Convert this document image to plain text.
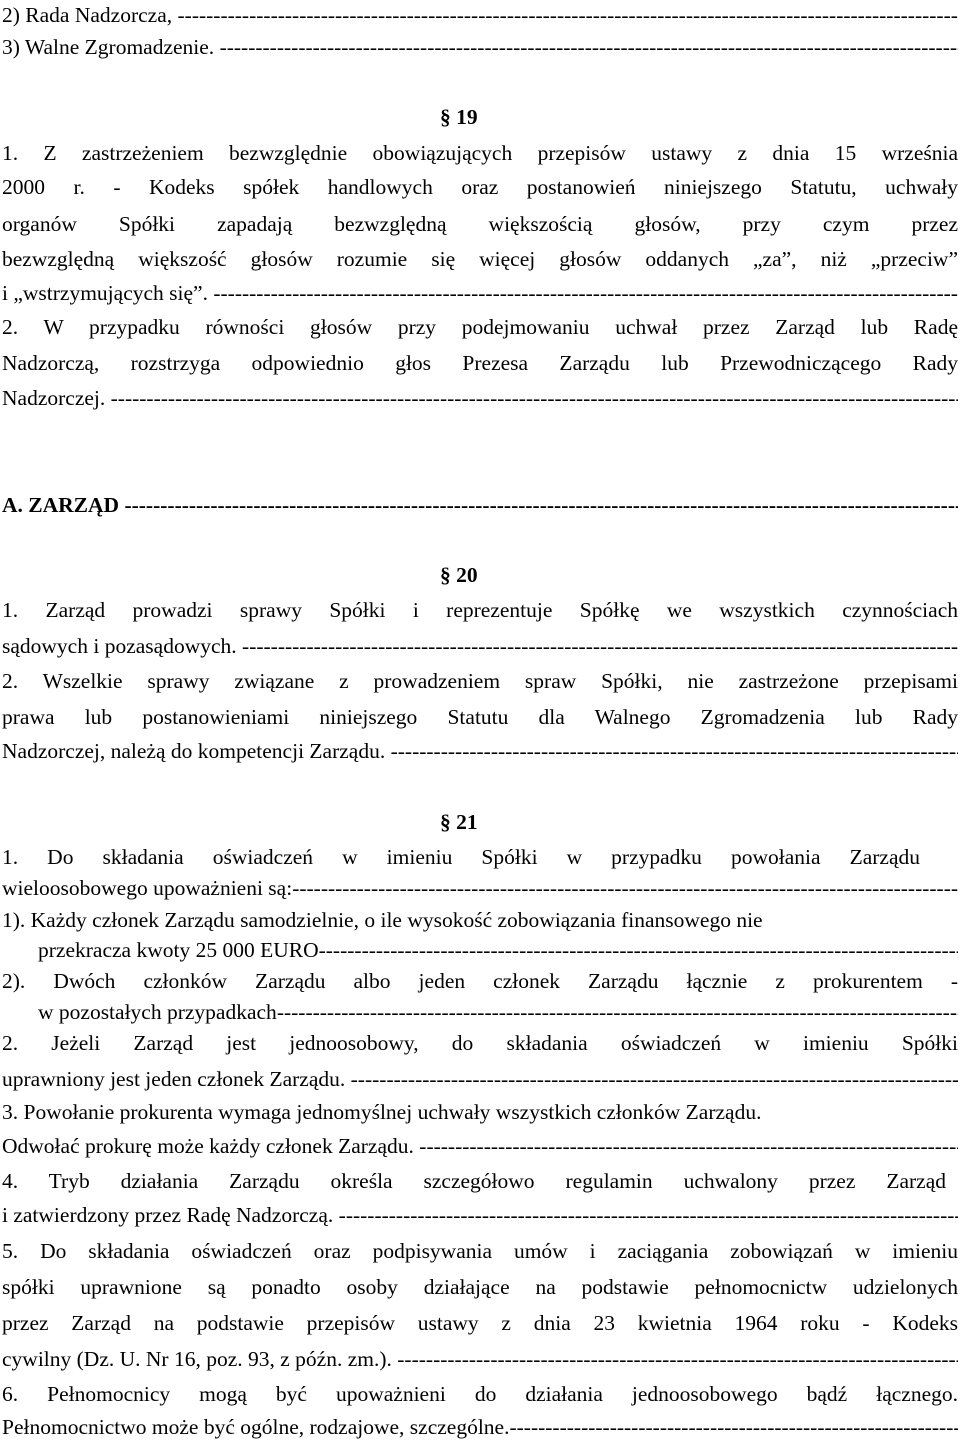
2) Rada Nadzorcza, -----
3) Walne Zgromadzenie. -----
§ 19
1. Z zastrzeżeniem bezwzględnie obowiązujących przepisów ustawy z dnia 15 września
2000 r. - Kodeks spółek handlowych oraz postanowień niniejszego Statutu, uchwały
organów Spółki zapadają bezwzględną większością głosów, przy czym przez
bezwzględną większość głosów rozumie się więcej głosów oddanych „za”, niż „przeciw”
i „wstrzymujących się”. -----
2. W przypadku równości głosów przy podejmowaniu uchwał przez Zarząd lub Radę
Nadzorczą, rozstrzyga odpowiednio głos Prezesa Zarządu lub Przewodniczącego Rady
Nadzorczej. -----
A. ZARZĄD -----
§ 20
1. Zarząd prowadzi sprawy Spółki i reprezentuje Spółkę we wszystkich czynnościach
sądowych i pozasądowych. -----
2. Wszelkie sprawy związane z prowadzeniem spraw Spółki, nie zastrzeżone przepisami
prawa lub postanowieniami niniejszego Statutu dla Walnego Zgromadzenia lub Rady
Nadzorczej, należą do kompetencji Zarządu. -----
§ 21
1. Do składania oświadczeń w imieniu Spółki w przypadku powołania Zarządu
wieloosobowego upoważnieni są: -----
1). Każdy członek Zarządu samodzielnie, o ile wysokość zobowiązania finansowego nie
przekracza kwoty 25 000 EURO -----
2). Dwóch członków Zarządu albo jeden członek Zarządu łącznie z prokurentem -
w pozostałych przypadkach -----
2. Jeżeli Zarząd jest jednoosobowy, do składania oświadczeń w imieniu Spółki
uprawniony jest jeden członek Zarządu. -----
3. Powołanie prokurenta wymaga jednomyślnej uchwały wszystkich członków Zarządu.
Odwołać prokurę może każdy członek Zarządu. -----
4. Tryb działania Zarządu określa szczegółowo regulamin uchwalony przez Zarząd
i zatwierdzony przez Radę Nadzorczą. -----
5. Do składania oświadczeń oraz podpisywania umów i zaciągania zobowiązań w imieniu
spółki uprawnione są ponadto osoby działające na podstawie pełnomocnictw udzielonych
przez Zarząd na podstawie przepisów ustawy z dnia 23 kwietnia 1964 roku - Kodeks
cywilny (Dz. U. Nr 16, poz. 93, z późn. zm.). -----
6. Pełnomocnicy mogą być upoważnieni do działania jednoosobowego bądź łącznego.
Pełnomocnictwo może być ogólne, rodzajowe, szczególne. -----
